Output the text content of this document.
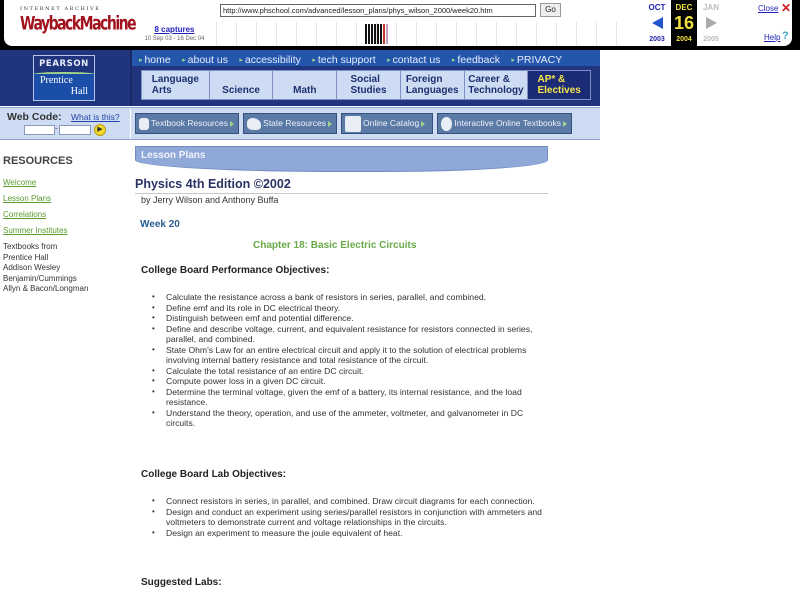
INTERNET ARCHIVE
WaybackMachine	8 captures
10 Sep 03 - 16 Dec 04
http://www.phschool.com/advanced/lesson_plans/phys_wilson_2000/week20.htm	Go	OCT
2003
DEC
16
2004
JAN
2005
Close ✕
Help ?
PEARSON
Prentice
Hall
▸ home ▸ about us ▸ accessibility ▸ tech support ▸ contact us ▸ feedback ▸ PRIVACY
Language
Arts	Science	Math
Social
Studies
Foreign
Languages
Career &
Technology
AP* &
Electives
Web Code: What is this?
-	▶
Textbook Resources	State Resources	Online Catalog	Interactive Online Textbooks
RESOURCES
Welcome
Lesson Plans
Correlations
Summer Institutes
Textbooks from
Prentice Hall
Addison Wesley
Benjamin/Cummings
Allyn & Bacon/Longman
Lesson Plans
Physics 4th Edition ©2002
by Jerry Wilson and Anthony Buffa
Week 20
Chapter 18: Basic Electric Circuits
College Board Performance Objectives:
• Calculate the resistance across a bank of resistors in series, parallel, and combined.
• Define emf and its role in DC electrical theory.
• Distinguish between emf and potential difference.
• Define and describe voltage, current, and equivalent resistance for resistors connected in series, parallel, and combined.
• State Ohm's Law for an entire electrical circuit and apply it to the solution of electrical problems involving internal battery resistance and total resistance of the circuit.
• Calculate the total resistance of an entire DC circuit.
• Compute power loss in a given DC circuit.
• Determine the terminal voltage, given the emf of a battery, its internal resistance, and the load resistance.
• Understand the theory, operation, and use of the ammeter, voltmeter, and galvanometer in DC circuits.
College Board Lab Objectives:
• Connect resistors in series, in parallel, and combined. Draw circuit diagrams for each connection.
• Design and conduct an experiment using series/parallel resistors in conjunction with ammeters and voltmeters to demonstrate current and voltage relationships in the circuits.
• Design an experiment to measure the joule equivalent of heat.
Suggested Labs:
